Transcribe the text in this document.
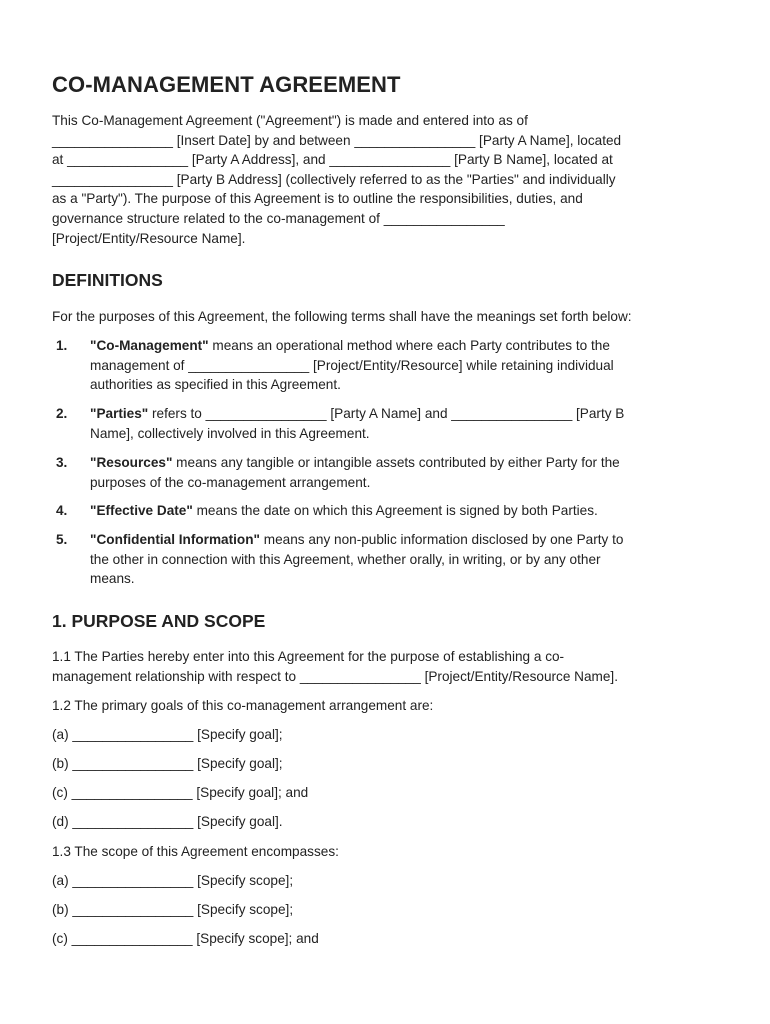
CO-MANAGEMENT AGREEMENT
This Co-Management Agreement ("Agreement") is made and entered into as of
________________ [Insert Date] by and between ________________ [Party A Name], located
at ________________ [Party A Address], and ________________ [Party B Name], located at
________________ [Party B Address] (collectively referred to as the "Parties" and individually
as a "Party"). The purpose of this Agreement is to outline the responsibilities, duties, and
governance structure related to the co-management of ________________
[Project/Entity/Resource Name].
DEFINITIONS

For the purposes of this Agreement, the following terms shall have the meanings set forth below:

1. "Co-Management" means an operational method where each Party contributes to the
management of ________________ [Project/Entity/Resource] while retaining individual
authorities as specified in this Agreement.
2. "Parties" refers to ________________ [Party A Name] and ________________ [Party B
Name], collectively involved in this Agreement.
3. "Resources" means any tangible or intangible assets contributed by either Party for the
purposes of the co-management arrangement.
4. "Effective Date" means the date on which this Agreement is signed by both Parties.
5. "Confidential Information" means any non-public information disclosed by one Party to
the other in connection with this Agreement, whether orally, in writing, or by any other
means.
1. PURPOSE AND SCOPE
1.1 The Parties hereby enter into this Agreement for the purpose of establishing a co-
management relationship with respect to ________________ [Project/Entity/Resource Name].

1.2 The primary goals of this co-management arrangement are:

(a) ________________ [Specify goal];

(b) ________________ [Specify goal];

(c) ________________ [Specify goal]; and

(d) ________________ [Specify goal].

1.3 The scope of this Agreement encompasses:

(a) ________________ [Specify scope];

(b) ________________ [Specify scope];

(c) ________________ [Specify scope]; and
